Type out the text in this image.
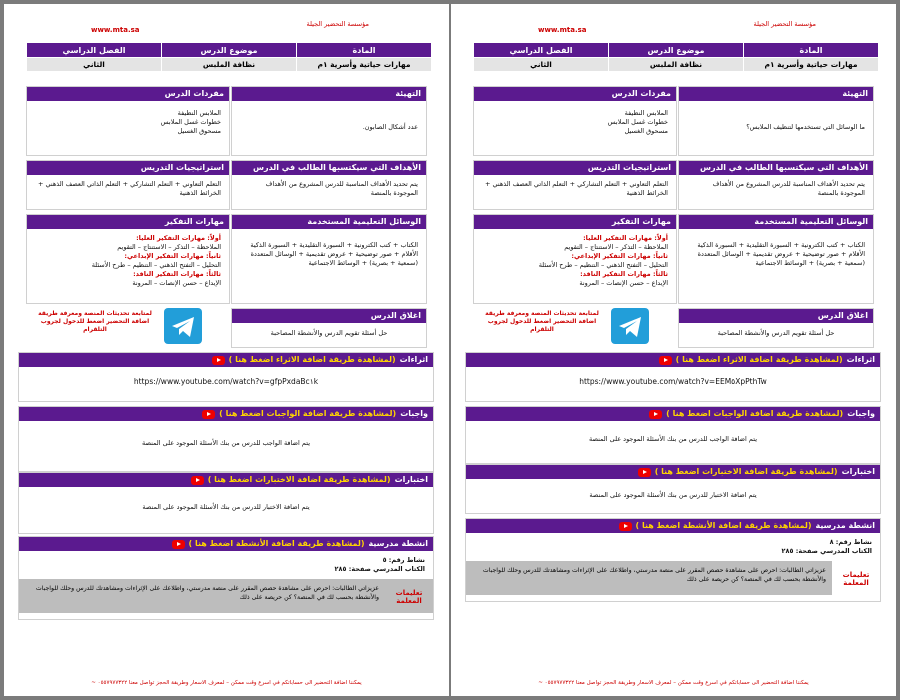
مؤسسة التحضير الجيلة
www.mta.sa
المادة	موضوع الدرس	الفصل الدراسي
مهارات حياتية وأسرية ١م	نظافة الملبس	الثاني
التهيئة
ما الوسائل التي تستخدمها لتنظيف الملابس؟
مفردات الدرس
الملابس النظيفة
خطوات غسل الملابس
مسحوق الغسيل
الأهداف التي سيكتسبها الطالب في الدرس
يتم تحديد الأهداف المناسبة للدرس المشروع من الأهداف الموجودة بالمنصة
استراتيجيات التدريس
التعلم التعاوني + التعلم التشاركي + التعلم الذاتي العصف الذهني + الخرائط الذهنية
الوسائل التعليمية المستخدمة
الكتاب + كتب الكترونية + السبورة التقليدية + السبورة الذكية الأقلام + صور توضيحية + عروض تقديمية + الوسائل المتعددة (سمعية + بصرية) + الوسائط الاجتماعية
مهارات التفكير
أولاً: مهارات التفكير العليا:
الملاحظة – التذكر – الاستنتاج – التقويم
ثانياً: مهارات التفكير الإبداعي:
التحليل – التفتح الذهني – التنظيم – طرح الأسئلة
ثالثاً: مهارات التفكير الناقد:
الإبداع – حسن الإنصات – المرونة
اغلاق الدرس
حل أسئلة تقويم الدرس والأنشطة المصاحبة
لمتابعة تحديثات المنصة ومعرفة طريقة اضافة التحضير اضغط للدخول لجروب التلقرام
اثراءات
(لمشاهدة طريقة اضافة الاثراء اضغط هنا )
https://www.youtube.com/watch?v=EEM٥XpPthTw
واجبات
(لمشاهدة طريقة اضافة الواجبات اضغط هنا )
يتم اضافة الواجب للدرس من بنك الأسئلة الموجود على المنصة
اختبارات
(لمشاهدة طريقة اضافة الاختبارات اضغط هنا )
يتم اضافة الاختبار للدرس من بنك الأسئلة الموجود على المنصة
انشطة مدرسية
(لمشاهدة طريقة اضافة الأنشطة اضغط هنا )
نشاط رقم: ٨
الكتاب المدرسي صفحة: ٢٨٥
تعليمات المعلمة
عزيزاتي الطالبات: احرص على مشاهدة حصص المقرر على منصة مدرستي، واطلاعك على الإثراءات ومشاهدتك للدرس وحلك للواجبات والأنشطة بحسب لك في المنصة؟ كن حريصة على ذلك
يمكننا اضافة التحضير الى حساباتكم في اسرع وقت ممكن – لمعرف الاسعار وطريقة الحجز تواصل معنا ٠٥٥٧٩٧٧٣٢٢ ~
مؤسسة التحضير الجيلة
www.mta.sa
المادة	موضوع الدرس	الفصل الدراسي
مهارات حياتية وأسرية ١م	نظافة الملبس	الثاني
التهيئة
عدد أشكال الصابون.
مفردات الدرس
الملابس النظيفة
خطوات غسل الملابس
مسحوق الغسيل
الأهداف التي سيكتسبها الطالب في الدرس
يتم تحديد الأهداف المناسبة للدرس المشروع من الأهداف الموجودة بالمنصة
استراتيجيات التدريس
التعلم التعاوني + التعلم التشاركي + التعلم الذاتي العصف الذهني + الخرائط الذهنية
الوسائل التعليمية المستخدمة
الكتاب + كتب الكترونية + السبورة التقليدية + السبورة الذكية الأقلام + صور توضيحية + عروض تقديمية + الوسائل المتعددة (سمعية + بصرية) + الوسائط الاجتماعية
مهارات التفكير
أولاً: مهارات التفكير العليا:
الملاحظة – التذكر – الاستنتاج – التقويم
ثانياً: مهارات التفكير الإبداعي:
التحليل – التفتح الذهني – التنظيم – طرح الأسئلة
ثالثاً: مهارات التفكير الناقد:
الإبداع – حسن الإنصات – المرونة
اغلاق الدرس
حل أسئلة تقويم الدرس والأنشطة المصاحبة
لمتابعة تحديثات المنصة ومعرفة طريقة اضافة التحضير اضغط للدخول لجروب التلقرام
اثراءات
(لمشاهدة طريقة اضافة الاثراء اضغط هنا )
https://www.youtube.com/watch?v=gfpPxdaBc١k
واجبات
(لمشاهدة طريقة اضافة الواجبات اضغط هنا )
يتم اضافة الواجب للدرس من بنك الأسئلة الموجود على المنصة
اختبارات
(لمشاهدة طريقة اضافة الاختبارات اضغط هنا )
يتم اضافة الاختبار للدرس من بنك الأسئلة الموجود على المنصة
انشطة مدرسية
(لمشاهدة طريقة اضافة الأنشطة اضغط هنا )
نشاط رقم: ٥
الكتاب المدرسي صفحة: ٢٨٥
عزيزاتي الطالبات: احرص على مشاهدة حصص المقرر على منصة مدرستي، واطلاعك على الإثراءات ومشاهدتك للدرس وحلك للواجبات والأنشطة بحسب لك في المنصة؟ كن حريصة على ذلك	تعليمات المعلمة
يمكننا اضافة التحضير الى حساباتكم في اسرع وقت ممكن – لمعرف الاسعار وطريقة الحجز تواصل معنا ٠٥٥٧٩٧٧٣٢٢ ~
